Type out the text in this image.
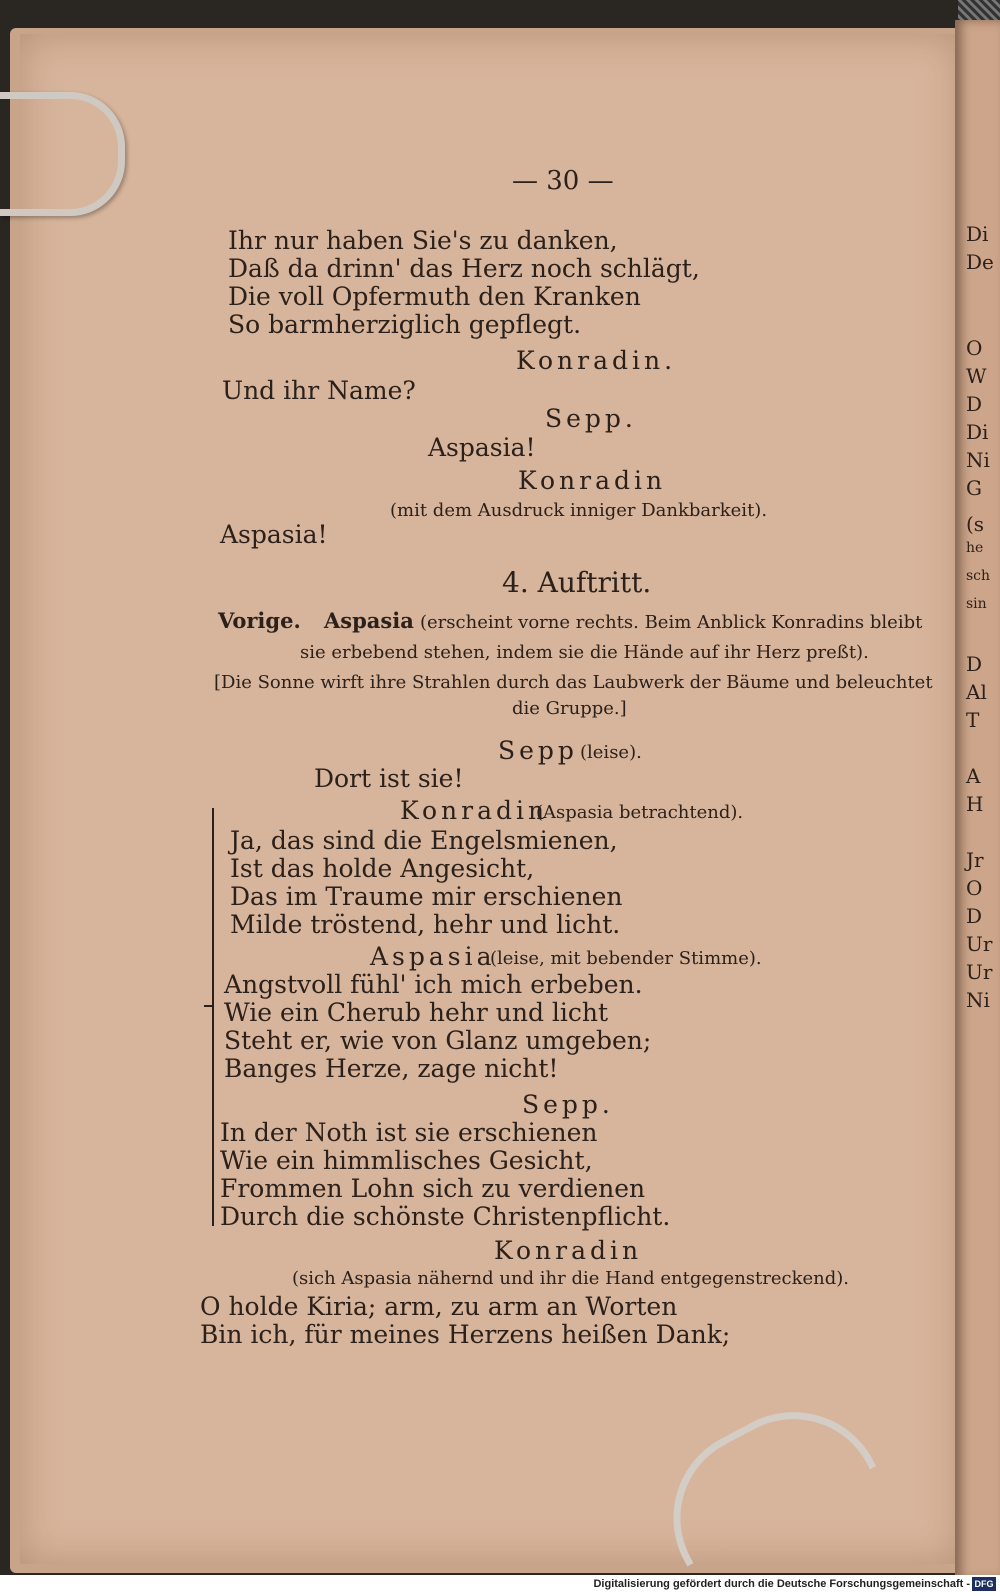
— 30 —
Ihr nur haben Sie's zu danken,
Daß da drinn' das Herz noch schlägt,
Die voll Opfermuth den Kranken
So barmherziglich gepflegt.
Konradin.
Und ihr Name?
Sepp.
Aspasia!
Konradin
(mit dem Ausdruck inniger Dankbarkeit).
Aspasia!
4. Auftritt.
Vorige. Aspasia (erscheint vorne rechts. Beim Anblick Konradins bleibt
sie erbebend stehen, indem sie die Hände auf ihr Herz preßt).
[Die Sonne wirft ihre Strahlen durch das Laubwerk der Bäume und beleuchtet
die Gruppe.]
Sepp (leise).
Dort ist sie!
Konradin
(Aspasia betrachtend).
Ja, das sind die Engelsmienen,
Ist das holde Angesicht,
Das im Traume mir erschienen
Milde tröstend, hehr und licht.
Aspasia
(leise, mit bebender Stimme).
Angstvoll fühl' ich mich erbeben.
Wie ein Cherub hehr und licht
Steht er, wie von Glanz umgeben;
Banges Herze, zage nicht!
Sepp.
In der Noth ist sie erschienen
Wie ein himmlisches Gesicht,
Frommen Lohn sich zu verdienen
Durch die schönste Christenpflicht.
Konradin
(sich Aspasia nähernd und ihr die Hand entgegenstreckend).
O holde Kiria; arm, zu arm an Worten
Bin ich, für meines Herzens heißen Dank;
Di
De
O
W
D
Di
Ni
G
(s
he
sch
sin
D
Al
T
A
H
Jr
O
D
Ur
Ur
Ni
Digitalisierung gefördert durch die Deutsche Forschungsgemeinschaft - DFG
